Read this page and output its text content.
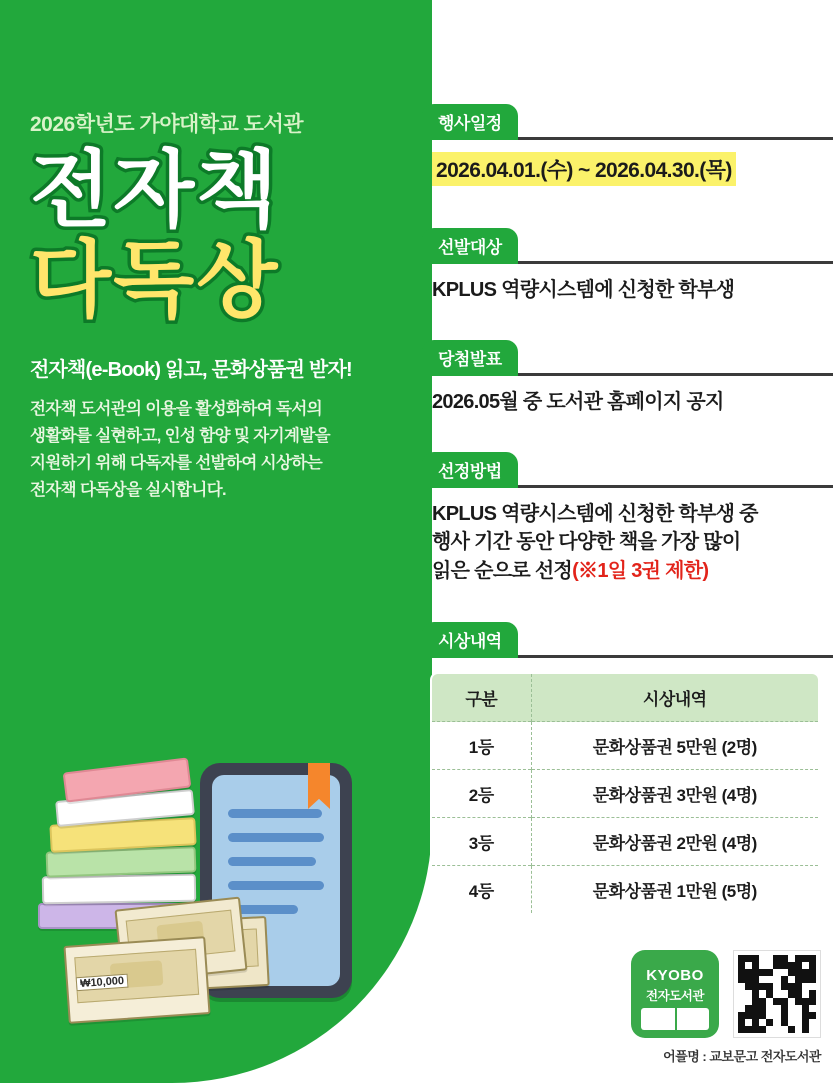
2026학년도 가야대학교 도서관
전자책
다독상
전자책(e-Book) 읽고, 문화상품권 받자!
전자책 도서관의 이용을 활성화하여 독서의
생활화를 실현하고, 인성 함양 및 자기계발을
지원하기 위해 다독자를 선발하여 시상하는
전자책 다독상을 실시합니다.
₩10,000
행사일정
2026.04.01.(수) ~ 2026.04.30.(목)
선발대상
KPLUS 역량시스템에 신청한 학부생
당첨발표
2026.05월 중 도서관 홈페이지 공지
선정방법
KPLUS 역량시스템에 신청한 학부생 중
행사 기간 동안 다양한 책을 가장 많이
읽은 순으로 선정(※1일 3권 제한)
시상내역
구분	시상내역
1등	문화상품권 5만원 (2명)
2등	문화상품권 3만원 (4명)
3등	문화상품권 2만원 (4명)
4등	문화상품권 1만원 (5명)
KYOBO
전자도서관
어플명 : 교보문고 전자도서관
